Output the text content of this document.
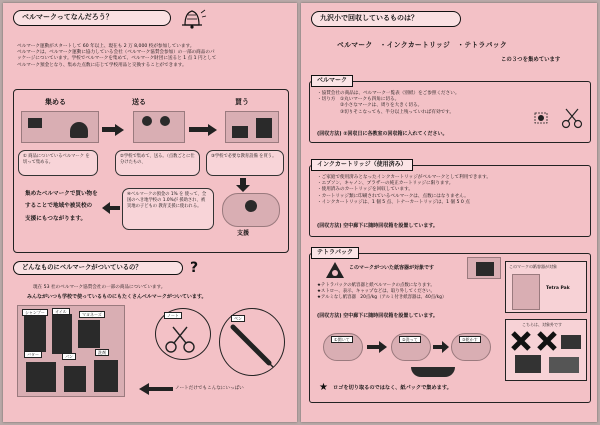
ベルマークってなんだろう？
ベルマーク運動がスタートして 60 年以上、現在も 2 万 8,000 校が参加しています。
ベルマークは、ベルマーク運動に協力している会社（ベルマーク協賛会参加）の一部の商品のパ
ッケージについています。学校でベルマークを集めて、ベルマーク財団に送ると 1 点 1 円として
ベルマーク預金となり、集めた点数に応じて学校用品と交換することができます。
集める	送る	買う
① 商品についているベルマーク を切って集める。
②学校で集めて、送る。（点数ごとに仕分けたもの、
③学校で必要な教育設備 を買う。
④ベルマークの預金の 1% を 使って、全国のへき地学校の 1.0%が 援助され、被災地の子どもの 教育支援に使われる。
支援
集めたベルマークで買い物を
することで地域や被災校の
支援にもつながります。
どんなものにベルマークがついているの？	?
現在 53 社のベルマーク協賛会社の一部の商品についています。
みんながいつも学校で使っているものにもたくさんベルマークがついています。
シャンプー	オイル
マヨネーズ
バター	パン
洗剤
ノート
ペン
ノートだけでもこんなにいっぱい
九沢小で回収しているものは？
ベルマーク　・インクカートリッジ　・テトラパック
この３つを集めています
ベルマーク
・協賛会社の商品は、ベルマーク一覧表（別紙）をご参照ください。
・切り方　①丸いマークも四角に切る。
　　　　　②小さなマークは、周りを大きく切る。
　　　　　③切りそこなっても、半分以上残っていれば有効です。
(回収方法) ②回収日に各教室の回収箱に入れてください。
インクカートリッジ（使用済み）
・ご家庭で使用済みとなったインクカートリッジがベルマークとして利用できます。
・エプソン、キャノン、ブラザーの純正カートリッジに限ります。
・使用済みのカートリッジを回収しています。
・カートリッジ類に印刷されているベルマークは、点数にはなりません。
・インクカートリッジは、1 個 5 点、トナーカートリッジは、1 個 5 0 点
(回収方法) 空中廊下に随時回収箱を設置しています。
テトラパック
このマークがついた紙容器が対象です
★テトラパックの紙容器と紙ベルマークの点数になります。
★ストロー、表示、キャップなどは、取り外してください。
★アルミなし紙容器　20点/kg（アルミ付き紙容器は、40点/kg）
(回収方法) 空中廊下に随時回収箱を設置しています。
このマークの紙容器が対象
Tetra Pak
こちらは、対象外です
①開いて	②洗って	③乾かす
★ ロゴを切り取るのではなく、紙パックで集めます。
